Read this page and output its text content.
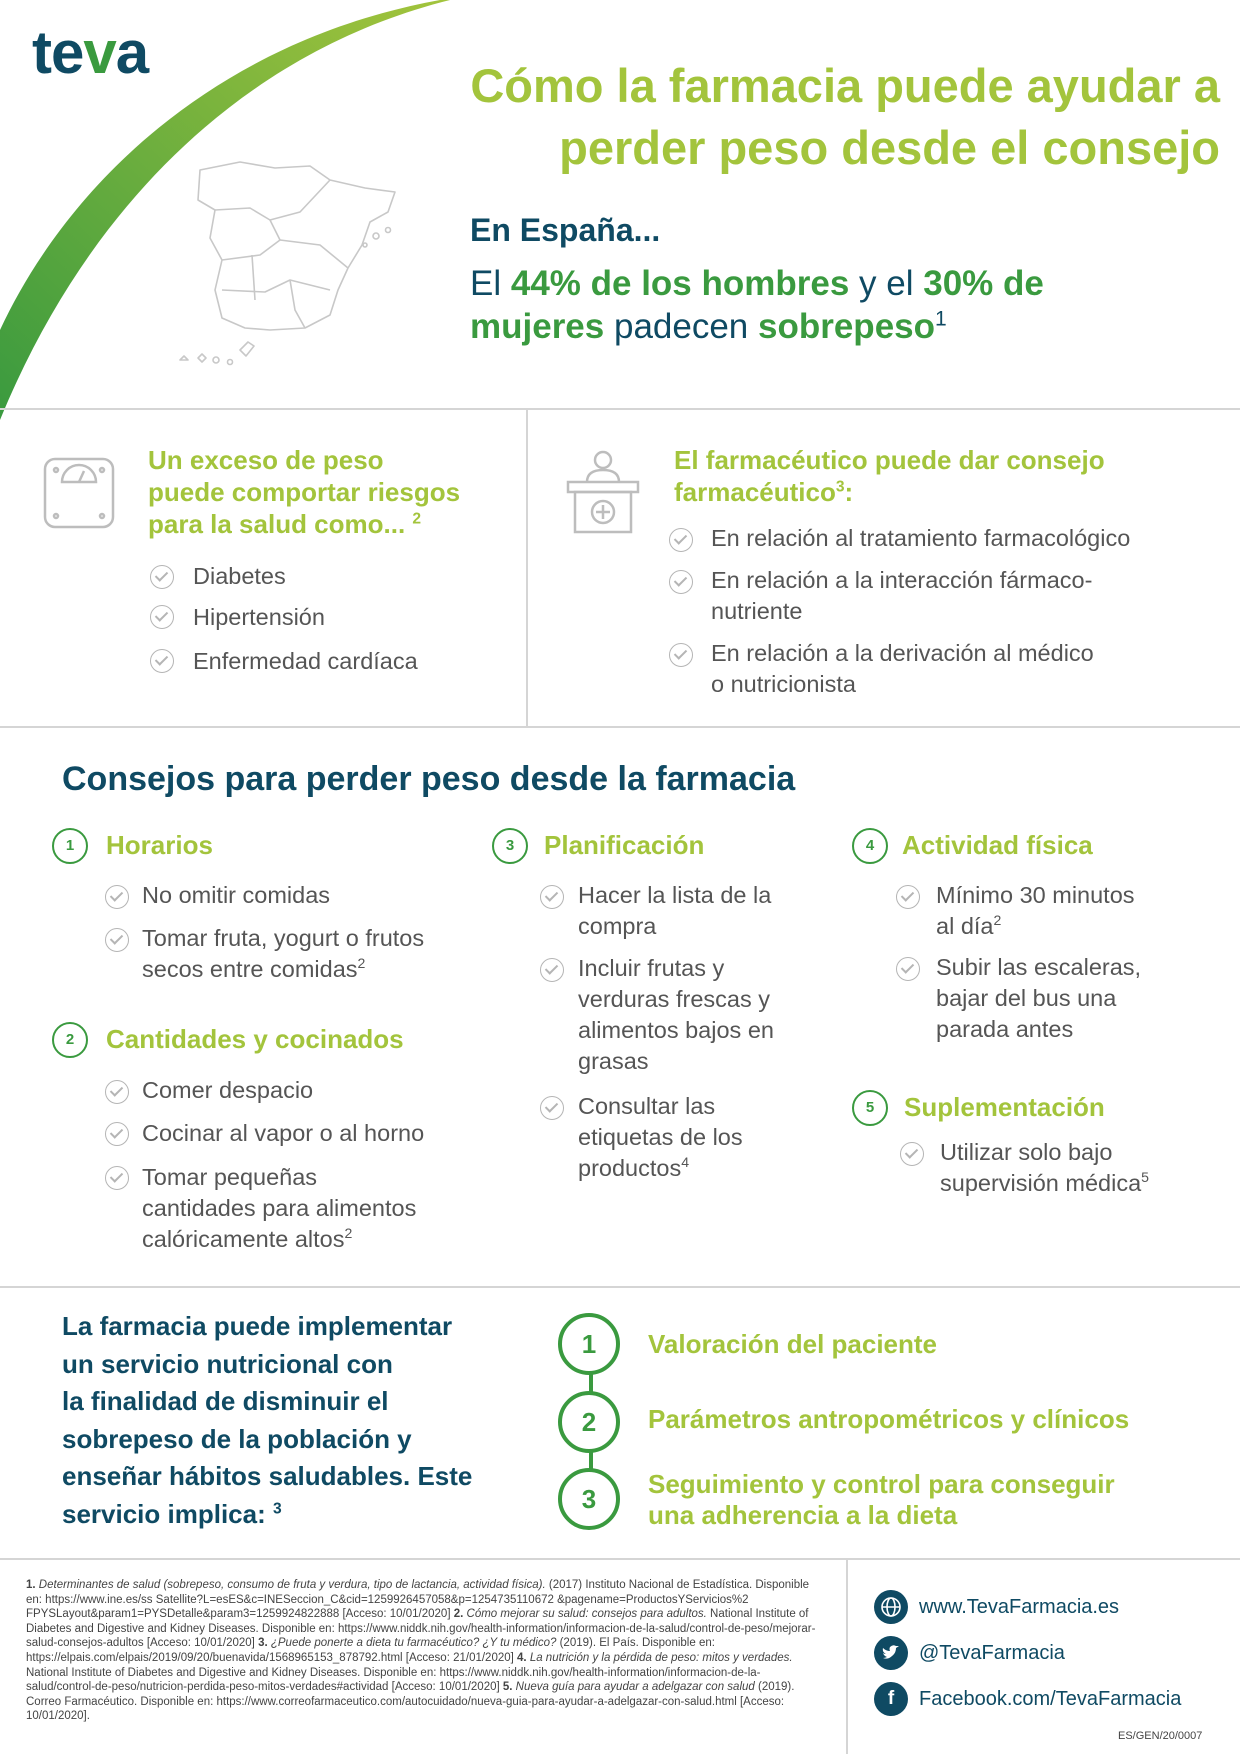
teva	Cómo la farmacia puede ayudar a
perder peso desde el consejo
En España...
El 44% de los hombres y el 30% de
mujeres padecen sobrepeso$^1$
Un exceso de peso
puede comportar riesgos
para la salud como... $^2$
Diabetes
Hipertensión
Enfermedad cardíaca
El farmacéutico puede dar consejo
farmacéutico$^3$:
En relación al tratamiento farmacológico
En relación a la interacción fármaco-
nutriente
En relación a la derivación al médico
o nutricionista
Consejos para perder peso desde la farmacia
1	Horarios
No omitir comidas
Tomar fruta, yogurt o frutos
secos entre comidas$^2$
2	Cantidades y cocinados
Comer despacio
Cocinar al vapor o al horno
Tomar pequeñas
cantidades para alimentos
calóricamente altos$^2$
3	Planificación
Hacer la lista de la
compra
Incluir frutas y
verduras frescas y
alimentos bajos en
grasas
Consultar las
etiquetas de los
productos$^4$
4	Actividad física
Mínimo 30 minutos
al día$^2$
Subir las escaleras,
bajar del bus una
parada antes
5	Suplementación
Utilizar solo bajo
supervisión médica$^5$
La farmacia puede implementar
un servicio nutricional con
la finalidad de disminuir el
sobrepeso de la población y
enseñar hábitos saludables. Este
servicio implica: $^3$
1	Valoración del paciente
2	Parámetros antropométricos y clínicos
3	Seguimiento y control para conseguir
una adherencia a la dieta
1. Determinantes de salud (sobrepeso, consumo de fruta y verdura, tipo de lactancia, actividad física). (2017) Instituto Nacional de Estadística. Disponible en: https://www.ine.es/ss Satellite?L=esES&c=INESeccion_C&cid=1259926457058&p=1254735110672 &pagename=ProductosYServicios%2 FPYSLayout&param1=PYSDetalle&param3=1259924822888 [Acceso: 10/01/2020] 2. Cómo mejorar su salud: consejos para adultos. National Institute of Diabetes and Digestive and Kidney Diseases. Disponible en: https://www.niddk.nih.gov/health-information/informacion-de-la-salud/control-de-peso/mejorar-salud-consejos-adultos [Acceso: 10/01/2020] 3. ¿Puede ponerte a dieta tu farmacéutico? ¿Y tu médico? (2019). El País. Disponible en: https://elpais.com/elpais/2019/09/20/buenavida/1568965153_878792.html [Acceso: 21/01/2020] 4. La nutrición y la pérdida de peso: mitos y verdades. National Institute of Diabetes and Digestive and Kidney Diseases. Disponible en: https://www.niddk.nih.gov/health-information/informacion-de-la-salud/control-de-peso/nutricion-perdida-peso-mitos-verdades#actividad [Acceso: 10/01/2020] 5. Nueva guía para ayudar a adelgazar con salud (2019). Correo Farmacéutico. Disponible en: https://www.correofarmaceutico.com/autocuidado/nueva-guia-para-ayudar-a-adelgazar-con-salud.html [Acceso: 10/01/2020].
www.TevaFarmacia.es
@TevaFarmacia
f	Facebook.com/TevaFarmacia
ES/GEN/20/0007
